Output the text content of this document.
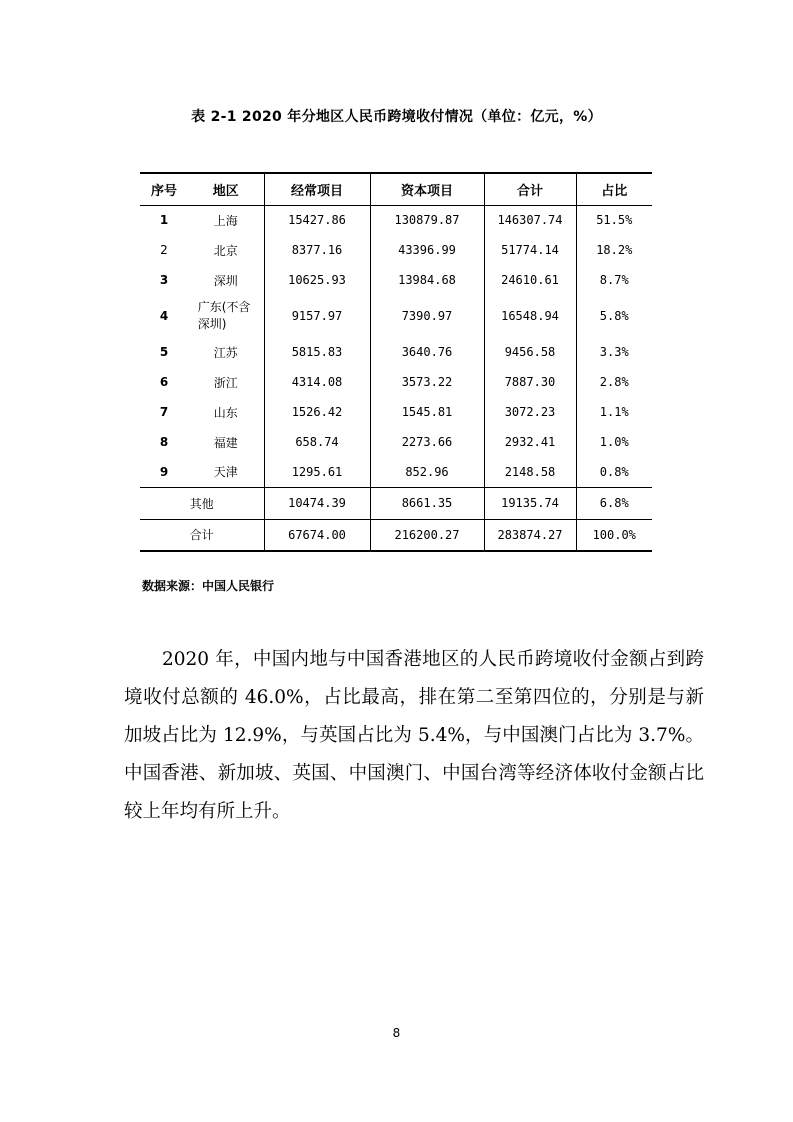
表 2-1 2020 年分地区人民币跨境收付情况（单位：亿元，%）
序号	地区	经常项目	资本项目	合计	占比
1	上海	15427.86	130879.87	146307.74	51.5%
2	北京	8377.16	43396.99	51774.14	18.2%
3	深圳	10625.93	13984.68	24610.61	8.7%
4	广东(不含深圳)	9157.97	7390.97	16548.94	5.8%
5	江苏	5815.83	3640.76	9456.58	3.3%
6	浙江	4314.08	3573.22	7887.30	2.8%
7	山东	1526.42	1545.81	3072.23	1.1%
8	福建	658.74	2273.66	2932.41	1.0%
9	天津	1295.61	852.96	2148.58	0.8%
其他		10474.39	8661.35	19135.74	6.8%
合计		67674.00	216200.27	283874.27	100.0%
数据来源：中国人民银行

2020 年，中国内地与中国香港地区的人民币跨境收付金额占到跨境收付总额的 46.0%，占比最高，排在第二至第四位的，分别是与新加坡占比为 12.9%，与英国占比为 5.4%，与中国澳门占比为 3.7%。中国香港、新加坡、英国、中国澳门、中国台湾等经济体收付金额占比较上年均有所上升。

8
